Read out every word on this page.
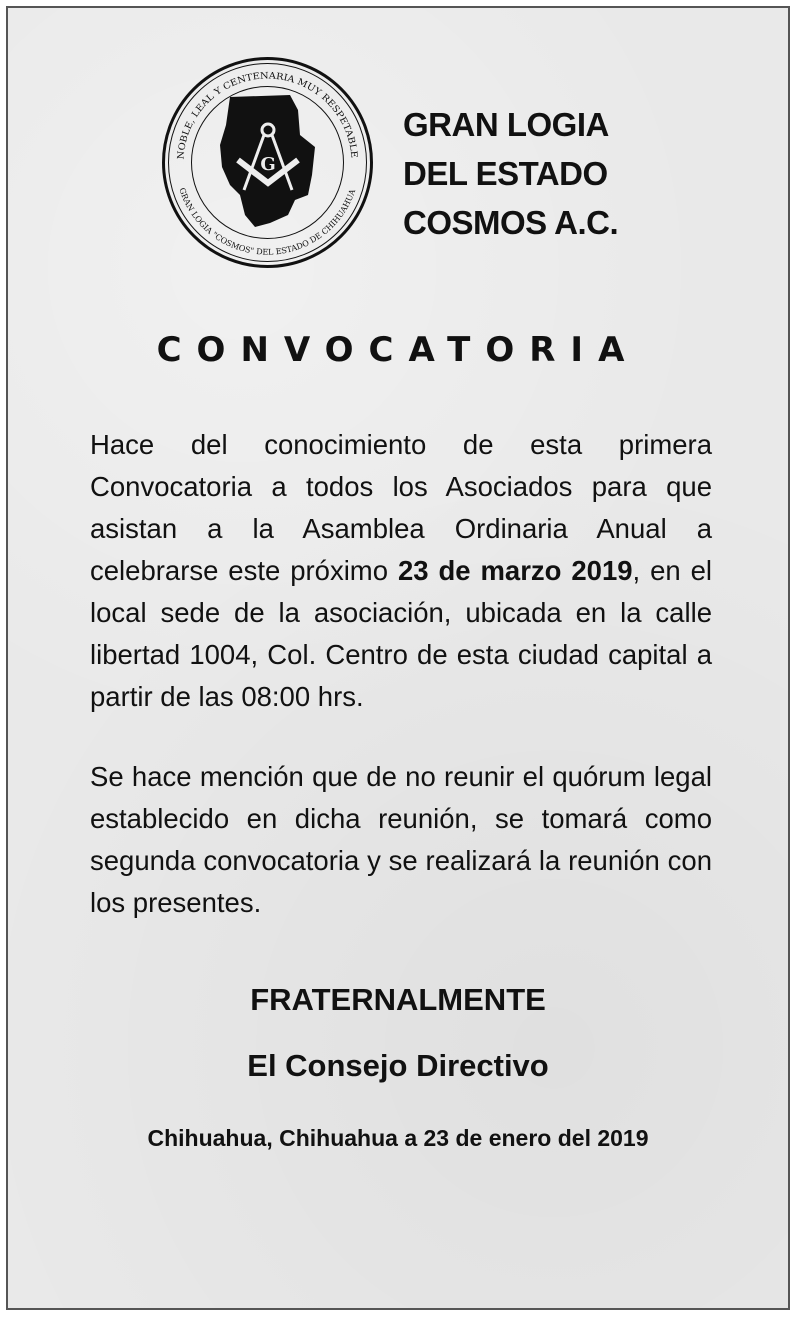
NOBLE, LEAL Y CENTENARIA MUY RESPETABLE
GRAN LOGIA "COSMOS" DEL ESTADO DE CHIHUAHUA
G
GRAN LOGIA
DEL ESTADO
COSMOS A.C.
CONVOCATORIA
Hace del conocimiento de esta primera Convocatoria a todos los Asociados para que asistan a la Asamblea Ordinaria Anual a celebrarse este próximo 23 de marzo 2019, en el local sede de la asociación, ubicada en la calle libertad 1004, Col. Centro de esta ciudad capital a partir de las 08:00 hrs.
Se hace mención que de no reunir el quórum legal establecido en dicha reunión, se tomará como segunda convocatoria y se realizará la reunión con los presentes.
FRATERNALMENTE
El Consejo Directivo
Chihuahua, Chihuahua a 23 de enero del 2019
